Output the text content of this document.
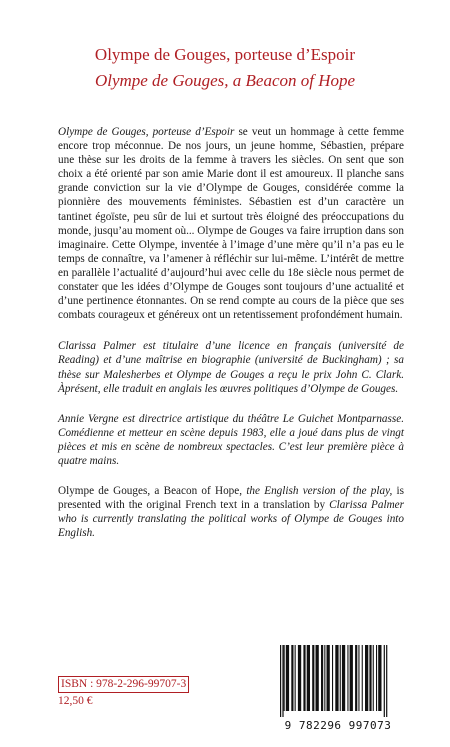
Olympe de Gouges, porteuse d’Espoir
Olympe de Gouges, a Beacon of Hope

Olympe de Gouges, porteuse d’Espoir se veut un hommage à cette femme encore trop méconnue. De nos jours, un jeune homme, Sébastien, prépare une thèse sur les droits de la femme à travers les siècles. On sent que son choix a été orienté par son amie Marie dont il est amoureux. Il planche sans grande conviction sur la vie d’Olympe de Gouges, considérée comme la pionnière des mouvements féministes. Sébastien est d’un caractère un tantinet égoïste, peu sûr de lui et surtout très éloigné des préoccupations du monde, jusqu’au moment où... Olympe de Gouges va faire irruption dans son imaginaire. Cette Olympe, inventée à l’image d’une mère qu’il n’a pas eu le temps de connaître, va l’amener à réfléchir sur lui-même. L’intérêt de mettre en parallèle l’actualité d’aujourd’hui avec celle du 18e siècle nous permet de constater que les idées d’Olympe de Gouges sont toujours d’une actualité et d’une pertinence étonnantes. On se rend compte au cours de la pièce que ses combats courageux et généreux ont un retentissement profondément humain.

Clarissa Palmer est titulaire d’une licence en français (université de Reading) et d’une maîtrise en biographie (université de Buckingham) ; sa thèse sur Malesherbes et Olympe de Gouges a reçu le prix John C. Clark. Àprésent, elle traduit en anglais les œuvres politiques d’Olympe de Gouges.

Annie Vergne est directrice artistique du théâtre Le Guichet Montparnasse. Comédienne et metteur en scène depuis 1983, elle a joué dans plus de vingt pièces et mis en scène de nombreux spectacles. C’est leur première pièce à quatre mains.

Olympe de Gouges, a Beacon of Hope, the English version of the play, is presented with the original French text in a translation by Clarissa Palmer who is currently translating the political works of Olympe de Gouges into English.

ISBN : 978-2-296-99707-3
12,50 €
9 782296 997073
